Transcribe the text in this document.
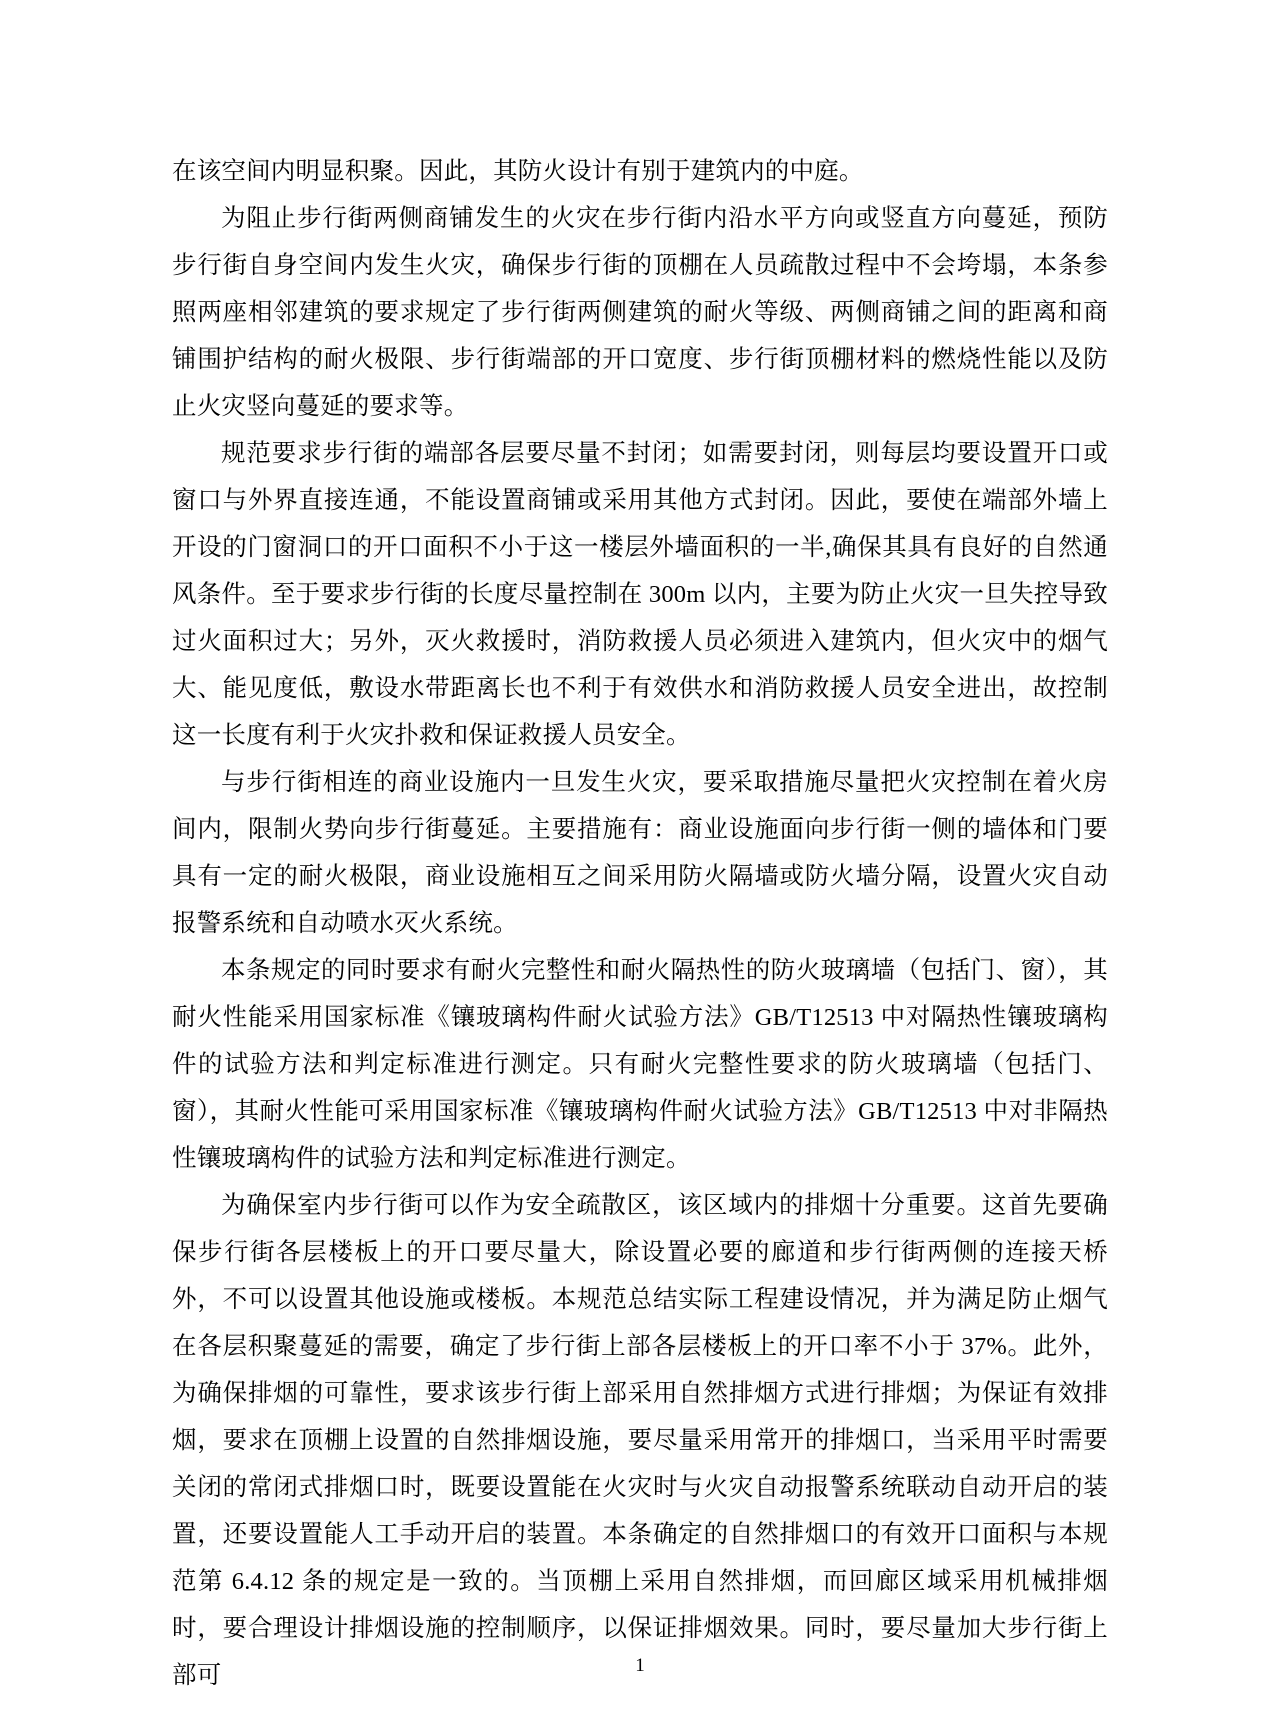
在该空间内明显积聚。因此，其防火设计有别于建筑内的中庭。

为阻止步行街两侧商铺发生的火灾在步行街内沿水平方向或竖直方向蔓延，预防步行街自身空间内发生火灾，确保步行街的顶棚在人员疏散过程中不会垮塌，本条参照两座相邻建筑的要求规定了步行街两侧建筑的耐火等级、两侧商铺之间的距离和商铺围护结构的耐火极限、步行街端部的开口宽度、步行街顶棚材料的燃烧性能以及防止火灾竖向蔓延的要求等。

规范要求步行街的端部各层要尽量不封闭；如需要封闭，则每层均要设置开口或窗口与外界直接连通，不能设置商铺或采用其他方式封闭。因此，要使在端部外墙上开设的门窗洞口的开口面积不小于这一楼层外墙面积的一半,确保其具有良好的自然通风条件。至于要求步行街的长度尽量控制在 300m 以内，主要为防止火灾一旦失控导致过火面积过大；另外，灭火救援时，消防救援人员必须进入建筑内，但火灾中的烟气大、能见度低，敷设水带距离长也不利于有效供水和消防救援人员安全进出，故控制这一长度有利于火灾扑救和保证救援人员安全。

与步行街相连的商业设施内一旦发生火灾，要采取措施尽量把火灾控制在着火房间内，限制火势向步行街蔓延。主要措施有：商业设施面向步行街一侧的墙体和门要具有一定的耐火极限，商业设施相互之间采用防火隔墙或防火墙分隔，设置火灾自动报警系统和自动喷水灭火系统。

本条规定的同时要求有耐火完整性和耐火隔热性的防火玻璃墙（包括门、窗），其耐火性能采用国家标准《镶玻璃构件耐火试验方法》GB/T12513 中对隔热性镶玻璃构件的试验方法和判定标准进行测定。只有耐火完整性要求的防火玻璃墙（包括门、窗），其耐火性能可采用国家标准《镶玻璃构件耐火试验方法》GB/T12513 中对非隔热性镶玻璃构件的试验方法和判定标准进行测定。

为确保室内步行街可以作为安全疏散区，该区域内的排烟十分重要。这首先要确保步行街各层楼板上的开口要尽量大，除设置必要的廊道和步行街两侧的连接天桥外，不可以设置其他设施或楼板。本规范总结实际工程建设情况，并为满足防止烟气在各层积聚蔓延的需要，确定了步行街上部各层楼板上的开口率不小于 37%。此外，为确保排烟的可靠性，要求该步行街上部采用自然排烟方式进行排烟；为保证有效排烟，要求在顶棚上设置的自然排烟设施，要尽量采用常开的排烟口，当采用平时需要关闭的常闭式排烟口时，既要设置能在火灾时与火灾自动报警系统联动自动开启的装置，还要设置能人工手动开启的装置。本条确定的自然排烟口的有效开口面积与本规范第 6.4.12 条的规定是一致的。当顶棚上采用自然排烟，而回廊区域采用机械排烟时，要合理设计排烟设施的控制顺序，以保证排烟效果。同时，要尽量加大步行街上部可	1
